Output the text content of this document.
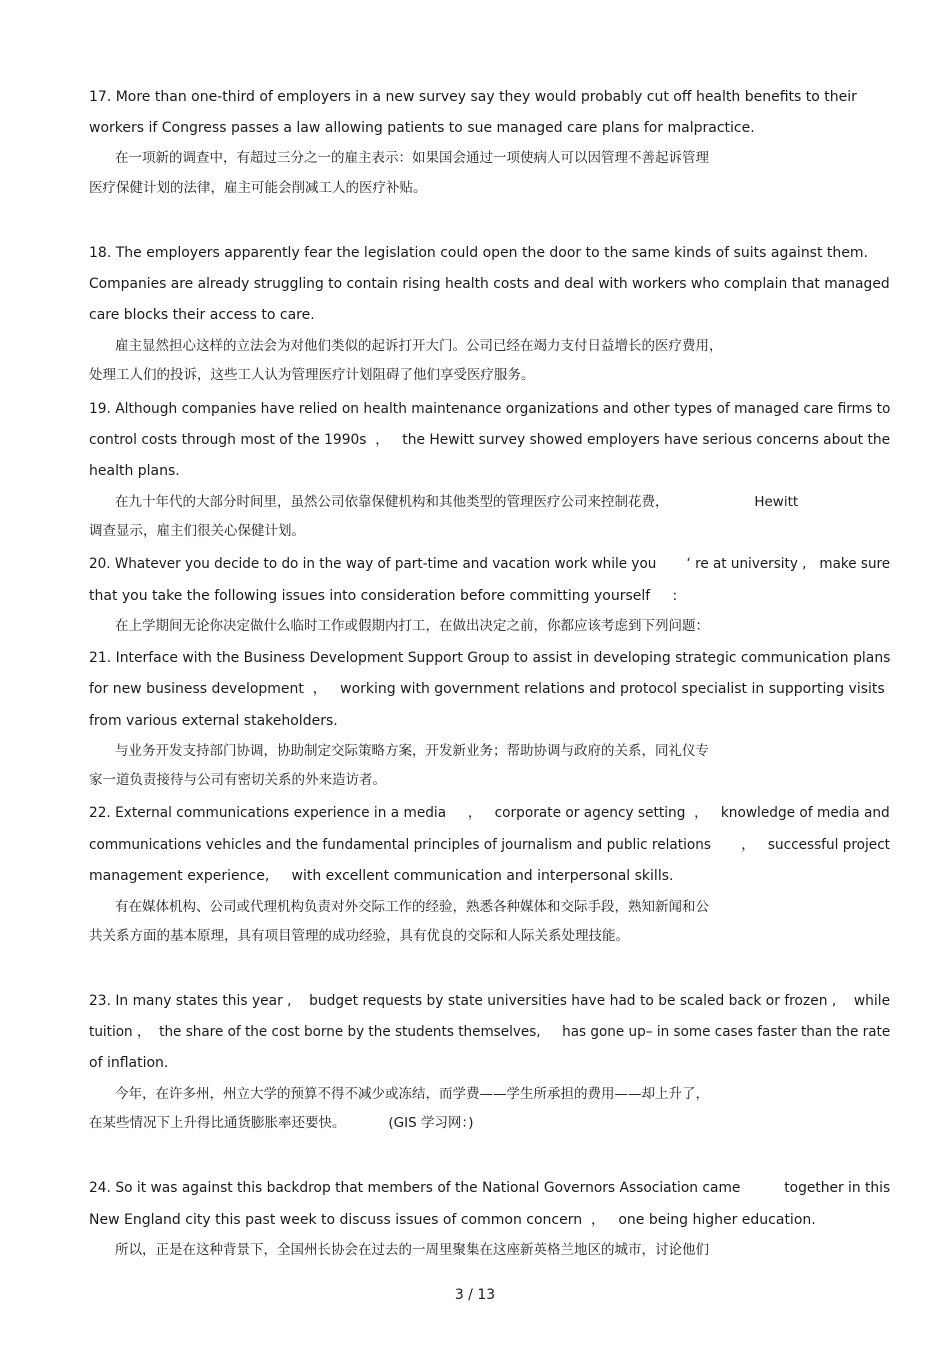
17. More than one-third of employers in a new survey say they would probably cut off health benefits to their
workers if Congress passes a law allowing patients to sue managed care plans for malpractice.
在一项新的调查中，有超过三分之一的雇主表示：如果国会通过一项使病人可以因管理不善起诉管理
医疗保健计划的法律，雇主可能会削减工人的医疗补贴。
18. The employers apparently fear the legislation could open the door to the same kinds of suits against them.
Companies are already struggling to contain rising health costs and deal with workers who complain that managed
care blocks their access to care.
雇主显然担心这样的立法会为对他们类似的起诉打开大门。公司已经在竭力支付日益增长的医疗费用，
处理工人们的投诉，这些工人认为管理医疗计划阻碍了他们享受医疗服务。
19. Although companies have relied on health maintenance organizations and other types of managed care firms to
control costs through most of the 1990s  ，   the Hewitt survey showed employers have serious concerns about the
health plans.
在九十年代的大部分时间里，虽然公司依靠保健机构和其他类型的管理医疗公司来控制花费，                    Hewitt
调查显示，雇主们很关心保健计划。
20. Whatever you decide to do in the way of part-time and vacation work while you       ‘ re at university ,   make sure
that you take the following issues into consideration before committing yourself     :
在上学期间无论你决定做什么临时工作或假期内打工，在做出决定之前，你都应该考虑到下列问题：
21. Interface with the Business Development Support Group to assist in developing strategic communication plans
for new business development  ，   working with government relations and protocol specialist in supporting visits
from various external stakeholders.
与业务开发支持部门协调，协助制定交际策略方案，开发新业务；帮助协调与政府的关系，同礼仪专
家一道负责接待与公司有密切关系的外来造访者。
22. External communications experience in a media     ，   corporate or agency setting  ，   knowledge of media and
communications vehicles and the fundamental principles of journalism and public relations       ，   successful project
management experience,     with excellent communication and interpersonal skills.
有在媒体机构、公司或代理机构负责对外交际工作的经验，熟悉各种媒体和交际手段，熟知新闻和公
共关系方面的基本原理，具有项目管理的成功经验，具有优良的交际和人际关系处理技能。
23. In many states this year ,    budget requests by state universities have had to be scaled back or frozen ,    while
tuition ，  the share of the cost borne by the students themselves,     has gone up– in some cases faster than the rate
of inflation.
今年，在许多州，州立大学的预算不得不减少或冻结，而学费——学生所承担的费用——却上升了，
在某些情况下上升得比通货膨胀率还要快。          (GIS 学习网：)
24. So it was against this backdrop that members of the National Governors Association came          together in this
New England city this past week to discuss issues of common concern  ，   one being higher education.
所以，正是在这种背景下，全国州长协会在过去的一周里聚集在这座新英格兰地区的城市，讨论他们
3 / 13
